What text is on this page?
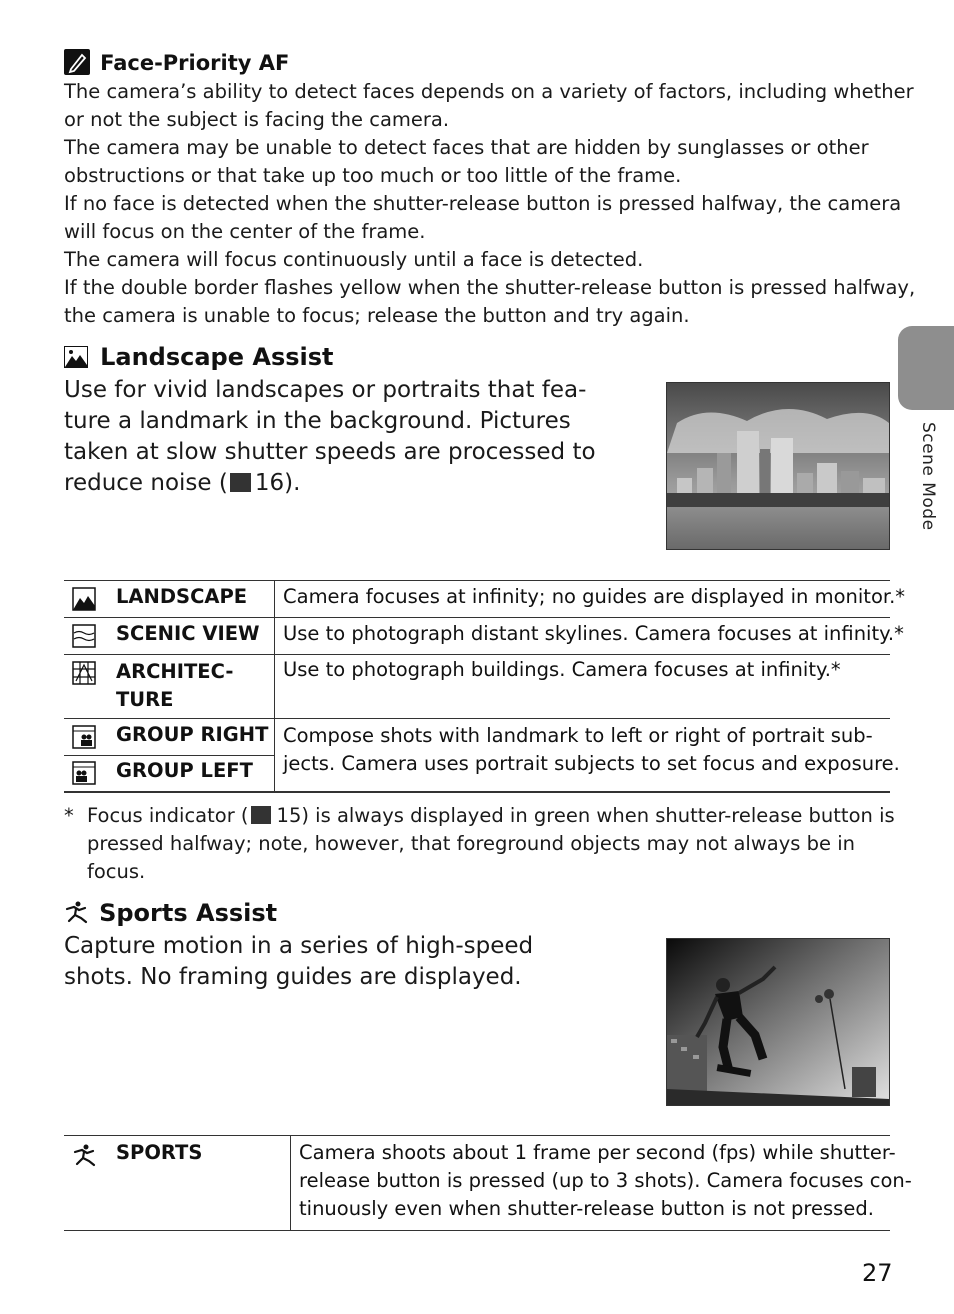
Face-Priority AF
The camera’s ability to detect faces depends on a variety of factors, including whether
or not the subject is facing the camera.
The camera may be unable to detect faces that are hidden by sunglasses or other
obstructions or that take up too much or too little of the frame.
If no face is detected when the shutter-release button is pressed halfway, the camera
will focus on the center of the frame.
The camera will focus continuously until a face is detected.
If the double border flashes yellow when the shutter-release button is pressed halfway,
the camera is unable to focus; release the button and try again.
Scene Mode
Landscape Assist
Use for vivid landscapes or portraits that fea-
ture a landmark in the background. Pictures
taken at slow shutter speeds are processed to
reduce noise ( 16).
LANDSCAPE Camera focuses at infinity; no guides are displayed in monitor.*
SCENIC VIEW Use to photograph distant skylines. Camera focuses at infinity.*
ARCHITEC-
TURE
Use to photograph buildings. Camera focuses at infinity.*
GROUP RIGHT
GROUP LEFT
Compose shots with landmark to left or right of portrait sub-
jects. Camera uses portrait subjects to set focus and exposure.
* Focus indicator ( 15) is always displayed in green when shutter-release button is
pressed halfway; note, however, that foreground objects may not always be in
focus.
Sports Assist
Capture motion in a series of high-speed
shots. No framing guides are displayed.
SPORTS	Camera shoots about 1 frame per second (fps) while shutter-
release button is pressed (up to 3 shots). Camera focuses con-
tinuously even when shutter-release button is not pressed.
27
